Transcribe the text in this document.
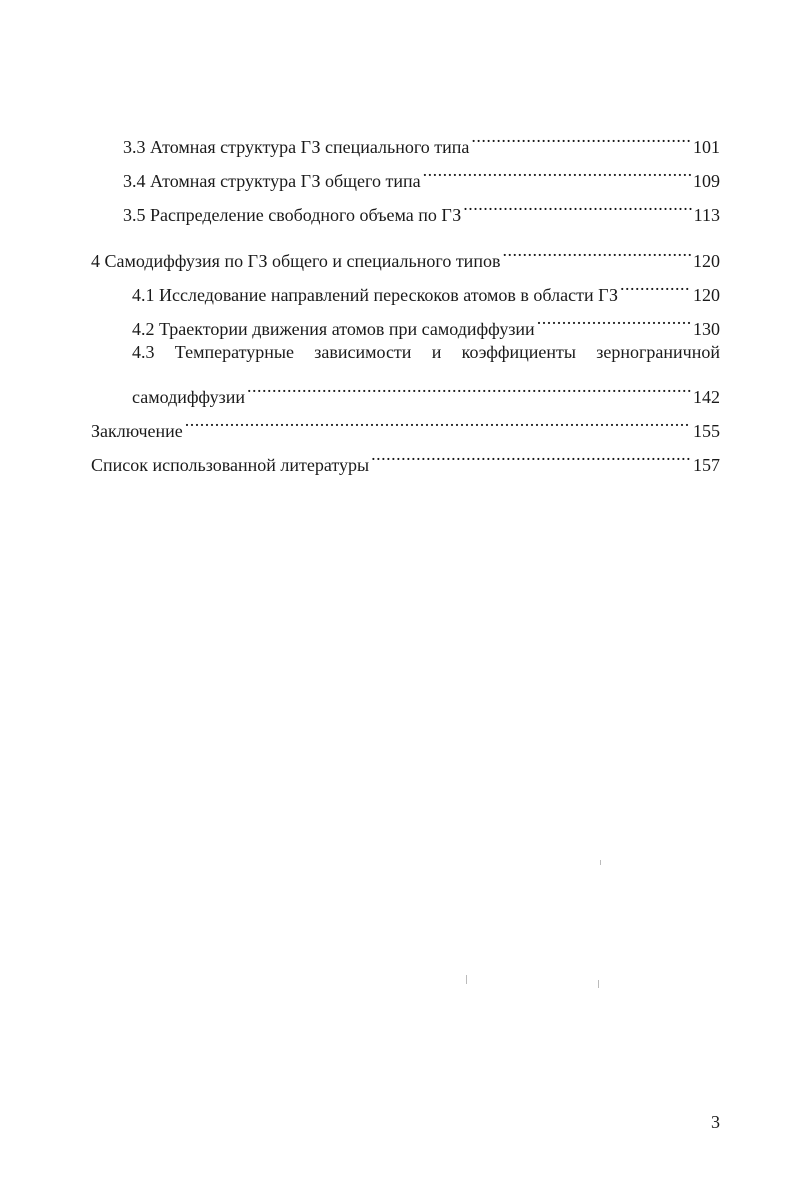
3.3 Атомная структура ГЗ специального типа .....	101
3.4 Атомная структура ГЗ общего типа .....	109
3.5 Распределение свободного объема по ГЗ .....	113
4 Самодиффузия по ГЗ общего и специального типов .....	120
4.1 Исследование направлений перескоков атомов в области ГЗ .....	120
4.2 Траектории движения атомов при самодиффузии .....	130
4.3 Температурные зависимости и коэффициенты зернограничной
самодиффузии .....	142
Заключение .....	155
Список использованной литературы .....	157
3
